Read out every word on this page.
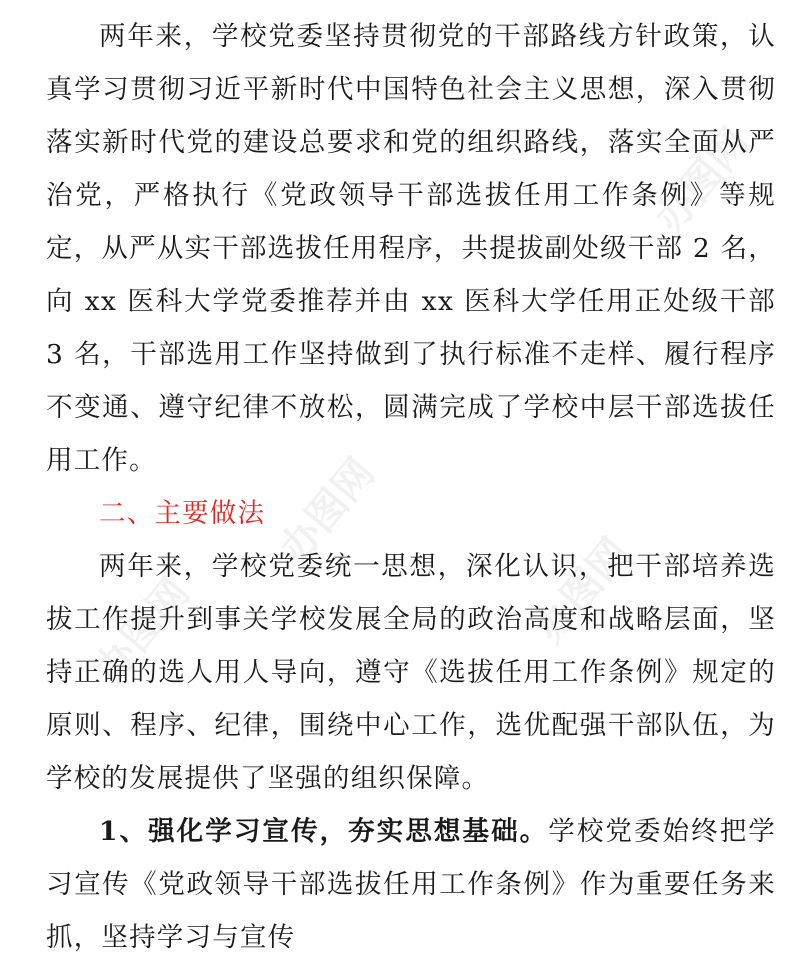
办图网
办图网
办图网
办图网

两年来，学校党委坚持贯彻党的干部路线方针政策，认真学习贯彻习近平新时代中国特色社会主义思想，深入贯彻落实新时代党的建设总要求和党的组织路线，落实全面从严治党，严格执行《党政领导干部选拔任用工作条例》等规定，从严从实干部选拔任用程序，共提拔副处级干部 2 名，向 xx 医科大学党委推荐并由 xx 医科大学任用正处级干部 3 名，干部选用工作坚持做到了执行标准不走样、履行程序不变通、遵守纪律不放松，圆满完成了学校中层干部选拔任用工作。

二、主要做法

两年来，学校党委统一思想，深化认识，把干部培养选拔工作提升到事关学校发展全局的政治高度和战略层面，坚持正确的选人用人导向，遵守《选拔任用工作条例》规定的原则、程序、纪律，围绕中心工作，选优配强干部队伍，为学校的发展提供了坚强的组织保障。

1、强化学习宣传，夯实思想基础。学校党委始终把学习宣传《党政领导干部选拔任用工作条例》作为重要任务来抓，坚持学习与宣传
